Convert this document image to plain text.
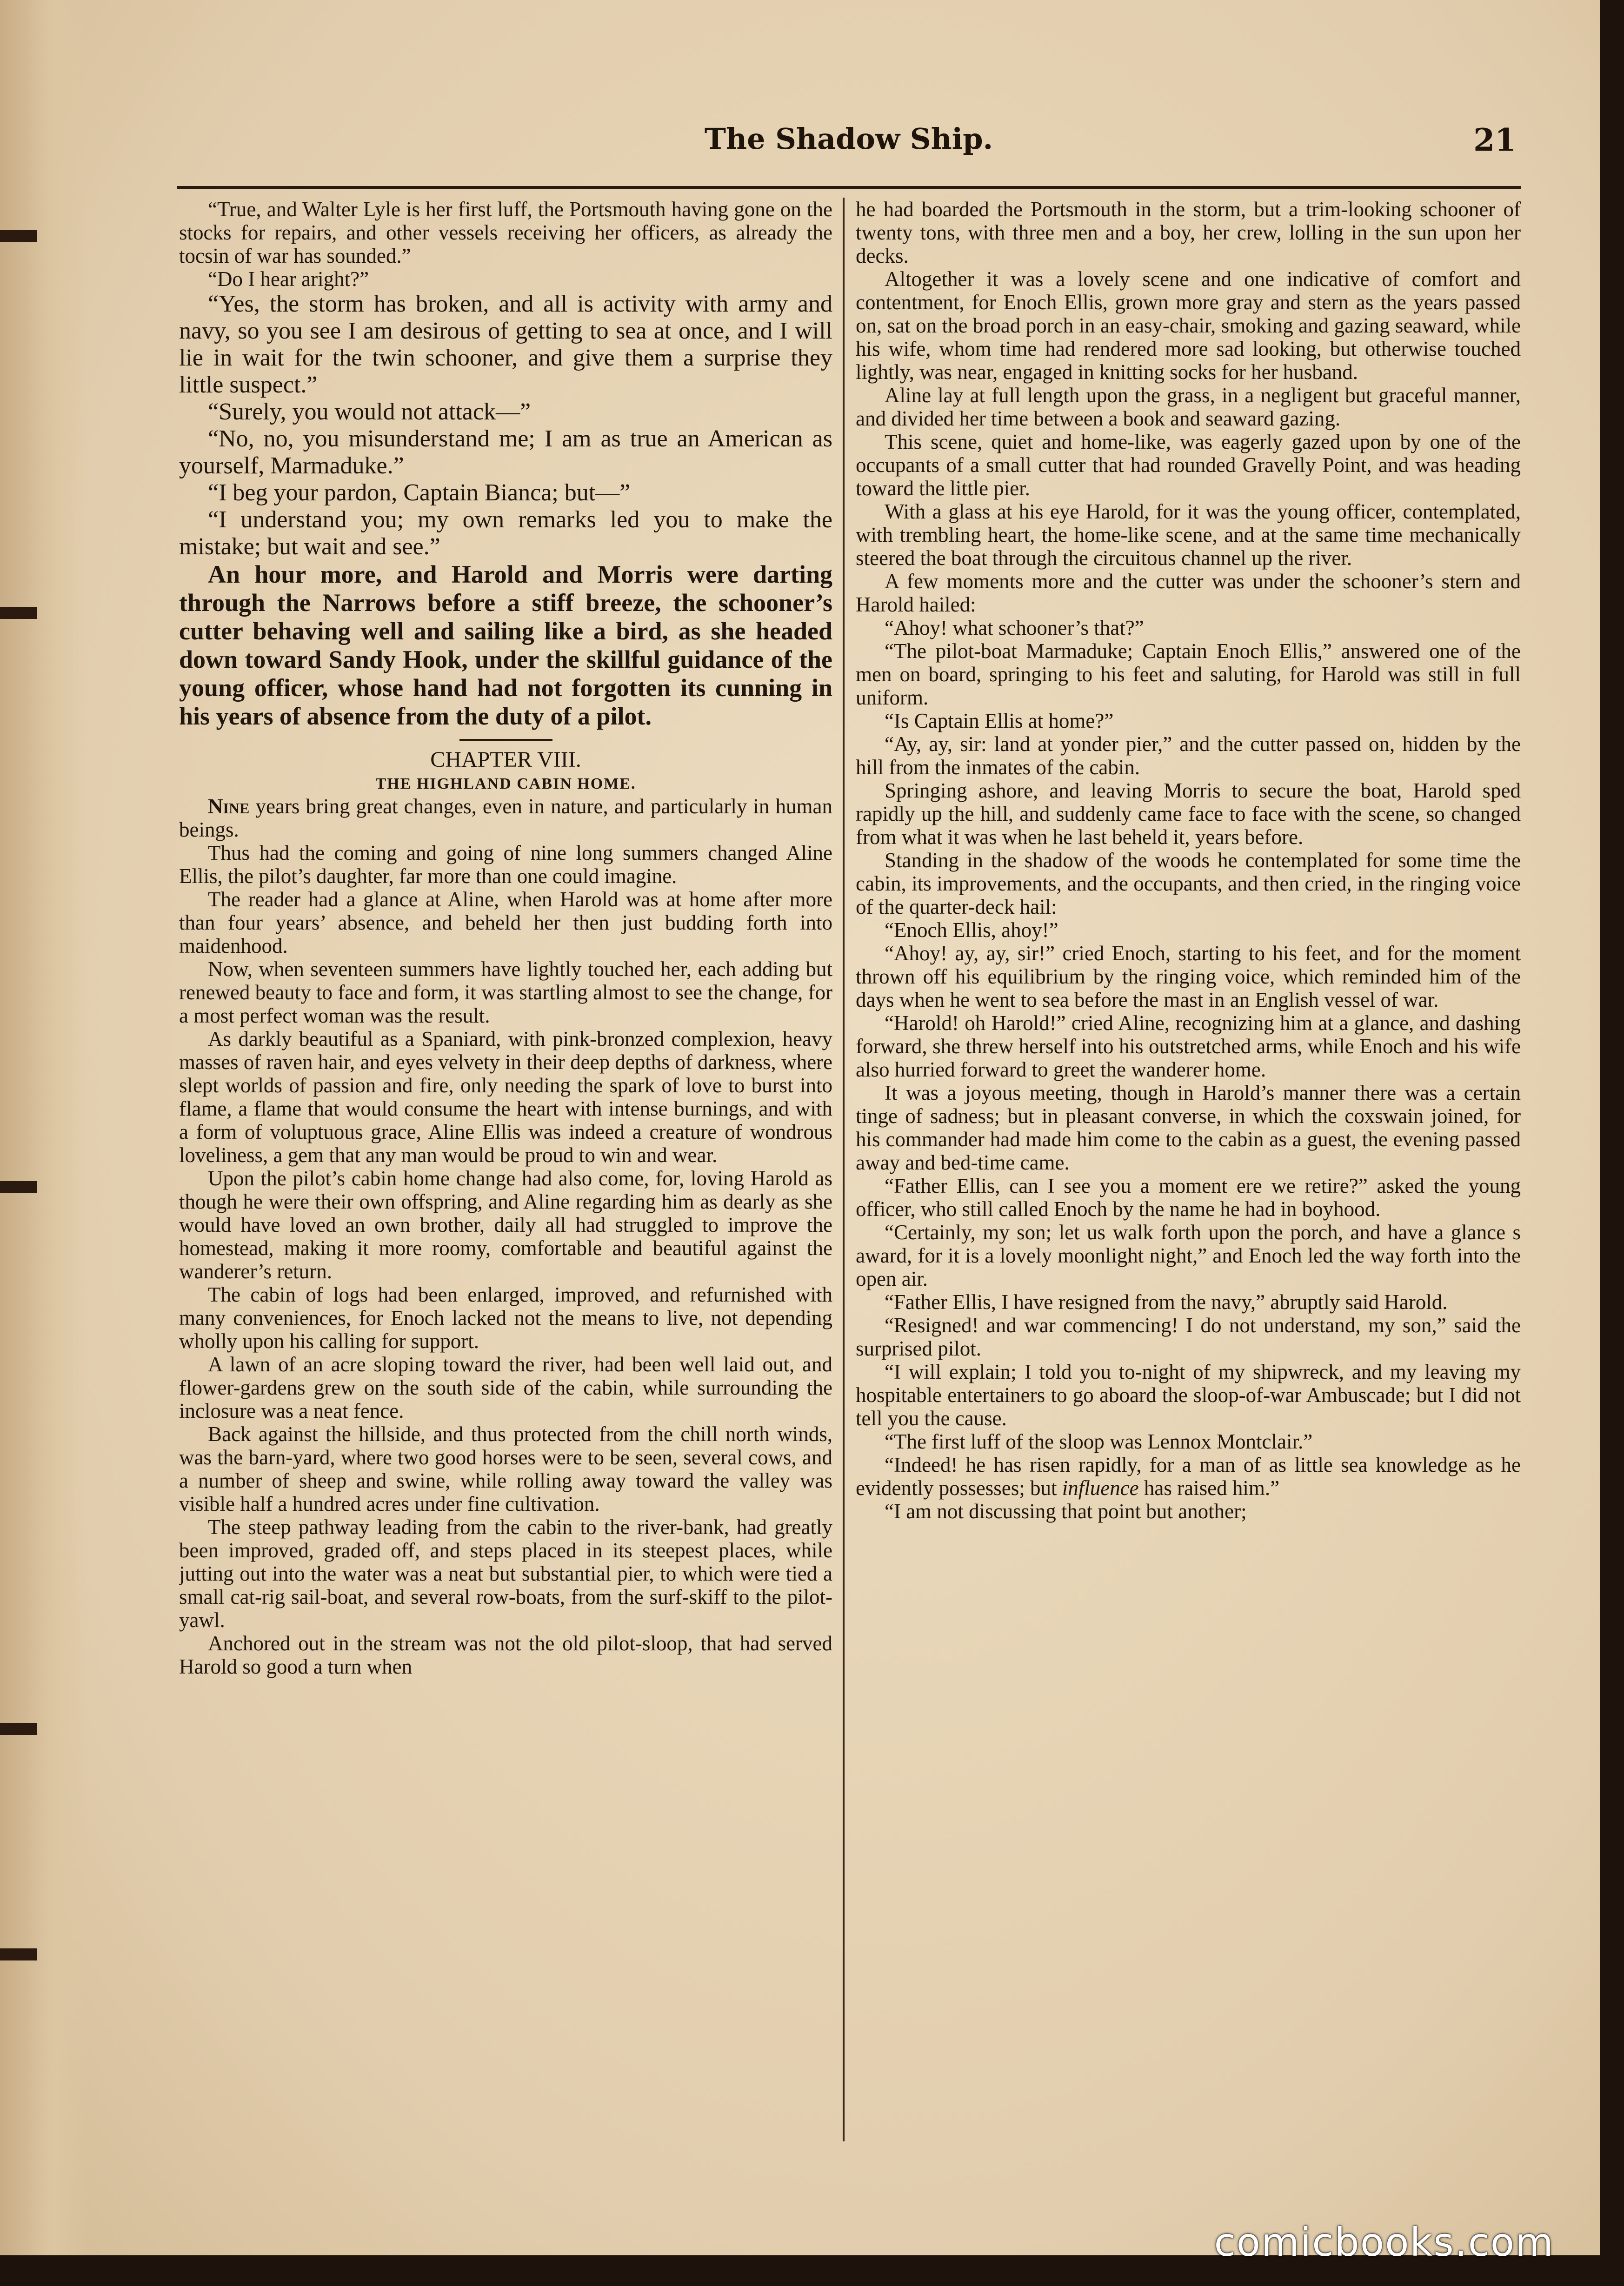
The Shadow Ship.	21

“True, and Walter Lyle is her first luff, the Portsmouth having gone on the stocks for repairs, and other vessels receiving her officers, as already the tocsin of war has sounded.”

“Do I hear aright?”

“Yes, the storm has broken, and all is activity with army and navy, so you see I am desirous of getting to sea at once, and I will lie in wait for the twin schooner, and give them a surprise they little suspect.”

“Surely, you would not attack—”

“No, no, you misunderstand me; I am as true an American as yourself, Marmaduke.”

“I beg your pardon, Captain Bianca; but—”

“I understand you; my own remarks led you to make the mistake; but wait and see.”

An hour more, and Harold and Morris were darting through the Narrows before a stiff breeze, the schooner’s cutter behaving well and sailing like a bird, as she headed down toward Sandy Hook, under the skillful guidance of the young officer, whose hand had not forgotten its cunning in his years of absence from the duty of a pilot.

CHAPTER VIII.

THE HIGHLAND CABIN HOME.

Nine years bring great changes, even in nature, and particularly in human beings.

Thus had the coming and going of nine long summers changed Aline Ellis, the pilot’s daughter, far more than one could imagine.

The reader had a glance at Aline, when Harold was at home after more than four years’ absence, and beheld her then just budding forth into maidenhood.

Now, when seventeen summers have lightly touched her, each adding but renewed beauty to face and form, it was startling almost to see the change, for a most perfect woman was the result.

As darkly beautiful as a Spaniard, with pink-bronzed complexion, heavy masses of raven hair, and eyes velvety in their deep depths of darkness, where slept worlds of passion and fire, only needing the spark of love to burst into flame, a flame that would consume the heart with intense burnings, and with a form of voluptuous grace, Aline Ellis was indeed a creature of wondrous loveliness, a gem that any man would be proud to win and wear.

Upon the pilot’s cabin home change had also come, for, loving Harold as though he were their own offspring, and Aline regarding him as dearly as she would have loved an own brother, daily all had struggled to improve the homestead, making it more roomy, comfortable and beautiful against the wanderer’s return.

The cabin of logs had been enlarged, improved, and refurnished with many conveniences, for Enoch lacked not the means to live, not depending wholly upon his calling for support.

A lawn of an acre sloping toward the river, had been well laid out, and flower-gardens grew on the south side of the cabin, while surrounding the inclosure was a neat fence.

Back against the hillside, and thus protected from the chill north winds, was the barn-yard, where two good horses were to be seen, several cows, and a number of sheep and swine, while rolling away toward the valley was visible half a hundred acres under fine cultivation.

The steep pathway leading from the cabin to the river-bank, had greatly been improved, graded off, and steps placed in its steepest places, while jutting out into the water was a neat but substantial pier, to which were tied a small cat-rig sail-boat, and several row-boats, from the surf-skiff to the pilot-yawl.

Anchored out in the stream was not the old pilot-sloop, that had served Harold so good a turn when

he had boarded the Portsmouth in the storm, but a trim-looking schooner of twenty tons, with three men and a boy, her crew, lolling in the sun upon her decks.

Altogether it was a lovely scene and one indicative of comfort and contentment, for Enoch Ellis, grown more gray and stern as the years passed on, sat on the broad porch in an easy-chair, smoking and gazing seaward, while his wife, whom time had rendered more sad looking, but otherwise touched lightly, was near, engaged in knitting socks for her husband.

Aline lay at full length upon the grass, in a negligent but graceful manner, and divided her time between a book and seaward gazing.

This scene, quiet and home-like, was eagerly gazed upon by one of the occupants of a small cutter that had rounded Gravelly Point, and was heading toward the little pier.

With a glass at his eye Harold, for it was the young officer, contemplated, with trembling heart, the home-like scene, and at the same time mechanically steered the boat through the circuitous channel up the river.

A few moments more and the cutter was under the schooner’s stern and Harold hailed:

“Ahoy! what schooner’s that?”

“The pilot-boat Marmaduke; Captain Enoch Ellis,” answered one of the men on board, springing to his feet and saluting, for Harold was still in full uniform.

“Is Captain Ellis at home?”

“Ay, ay, sir: land at yonder pier,” and the cutter passed on, hidden by the hill from the inmates of the cabin.

Springing ashore, and leaving Morris to secure the boat, Harold sped rapidly up the hill, and suddenly came face to face with the scene, so changed from what it was when he last beheld it, years before.

Standing in the shadow of the woods he contemplated for some time the cabin, its improvements, and the occupants, and then cried, in the ringing voice of the quarter-deck hail:

“Enoch Ellis, ahoy!”

“Ahoy! ay, ay, sir!” cried Enoch, starting to his feet, and for the moment thrown off his equilibrium by the ringing voice, which reminded him of the days when he went to sea before the mast in an English vessel of war.

“Harold! oh Harold!” cried Aline, recognizing him at a glance, and dashing forward, she threw herself into his outstretched arms, while Enoch and his wife also hurried forward to greet the wanderer home.

It was a joyous meeting, though in Harold’s manner there was a certain tinge of sadness; but in pleasant converse, in which the coxswain joined, for his commander had made him come to the cabin as a guest, the evening passed away and bed-time came.

“Father Ellis, can I see you a moment ere we retire?” asked the young officer, who still called Enoch by the name he had in boyhood.

“Certainly, my son; let us walk forth upon the porch, and have a glance s award, for it is a lovely moonlight night,” and Enoch led the way forth into the open air.

“Father Ellis, I have resigned from the navy,” abruptly said Harold.

“Resigned! and war commencing! I do not understand, my son,” said the surprised pilot.

“I will explain; I told you to-night of my shipwreck, and my leaving my hospitable entertainers to go aboard the sloop-of-war Ambuscade; but I did not tell you the cause.

“The first luff of the sloop was Lennox Montclair.”

“Indeed! he has risen rapidly, for a man of as little sea knowledge as he evidently possesses; but influence has raised him.”

“I am not discussing that point but another;

comicbooks.com
